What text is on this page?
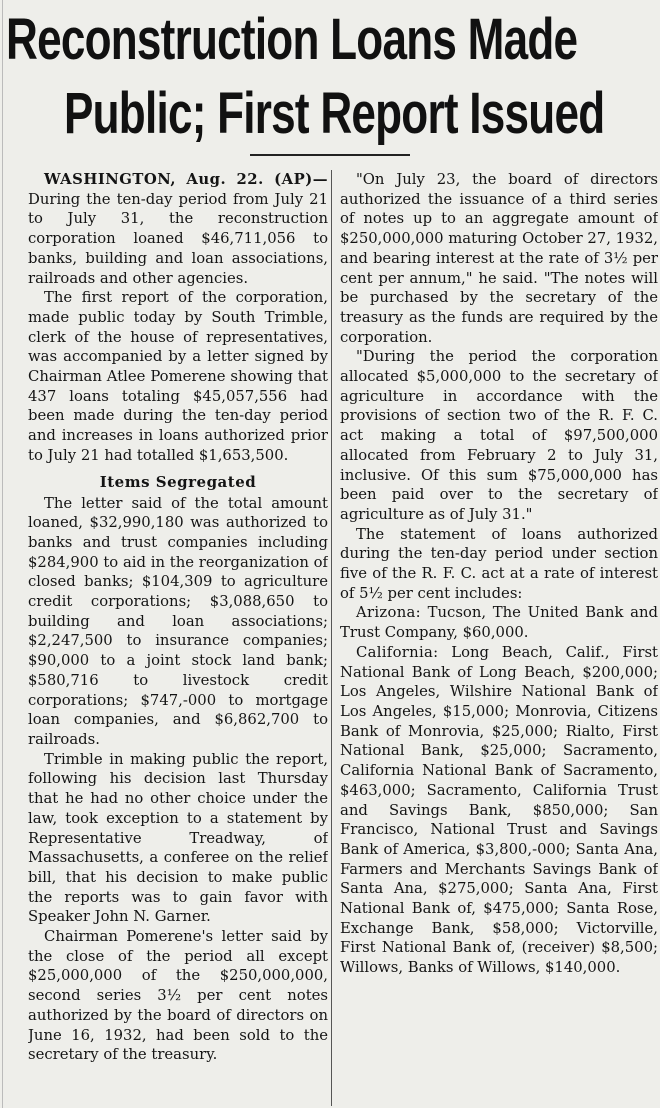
Reconstruction Loans Made
Public; First Report Issued

WASHINGTON, Aug. 22. (AP)— During the ten-day period from July 21 to July 31, the reconstruction corporation loaned $46,711,056 to banks, building and loan associations, railroads and other agencies.

The first report of the corporation, made public today by South Trimble, clerk of the house of representatives, was accompanied by a letter signed by Chairman Atlee Pomerene showing that 437 loans totaling $45,057,556 had been made during the ten-day period and increases in loans authorized prior to July 21 had totalled $1,653,500.

Items Segregated

The letter said of the total amount loaned, $32,990,180 was authorized to banks and trust companies including $284,900 to aid in the reorganization of closed banks; $104,309 to agriculture credit corporations; $3,088,650 to building and loan associations; $2,247,500 to insurance companies; $90,000 to a joint stock land bank; $580,716 to livestock credit corporations; $747,-000 to mortgage loan companies, and $6,862,700 to railroads.

Trimble in making public the report, following his decision last Thursday that he had no other choice under the law, took exception to a statement by Representative Treadway, of Massachusetts, a conferee on the relief bill, that his decision to make public the reports was to gain favor with Speaker John N. Garner.

Chairman Pomerene's letter said by the close of the period all except $25,000,000 of the $250,000,000, second series 3½ per cent notes authorized by the board of directors on June 16, 1932, had been sold to the secretary of the treasury.

"On July 23, the board of directors authorized the issuance of a third series of notes up to an aggregate amount of $250,000,000 maturing October 27, 1932, and bearing interest at the rate of 3½ per cent per annum," he said. "The notes will be purchased by the secretary of the treasury as the funds are required by the corporation.

"During the period the corporation allocated $5,000,000 to the secretary of agriculture in accordance with the provisions of section two of the R. F. C. act making a total of $97,500,000 allocated from February 2 to July 31, inclusive. Of this sum $75,000,000 has been paid over to the secretary of agriculture as of July 31."

The statement of loans authorized during the ten-day period under section five of the R. F. C. act at a rate of interest of 5½ per cent includes:

Arizona: Tucson, The United Bank and Trust Company, $60,000.

California: Long Beach, Calif., First National Bank of Long Beach, $200,000; Los Angeles, Wilshire National Bank of Los Angeles, $15,000; Monrovia, Citizens Bank of Monrovia, $25,000; Rialto, First National Bank, $25,000; Sacramento, California National Bank of Sacramento, $463,000; Sacramento, California Trust and Savings Bank, $850,000; San Francisco, National Trust and Savings Bank of America, $3,800,-000; Santa Ana, Farmers and Merchants Savings Bank of Santa Ana, $275,000; Santa Ana, First National Bank of, $475,000; Santa Rose, Exchange Bank, $58,000; Victorville, First National Bank of, (receiver) $8,500; Willows, Banks of Willows, $140,000.
